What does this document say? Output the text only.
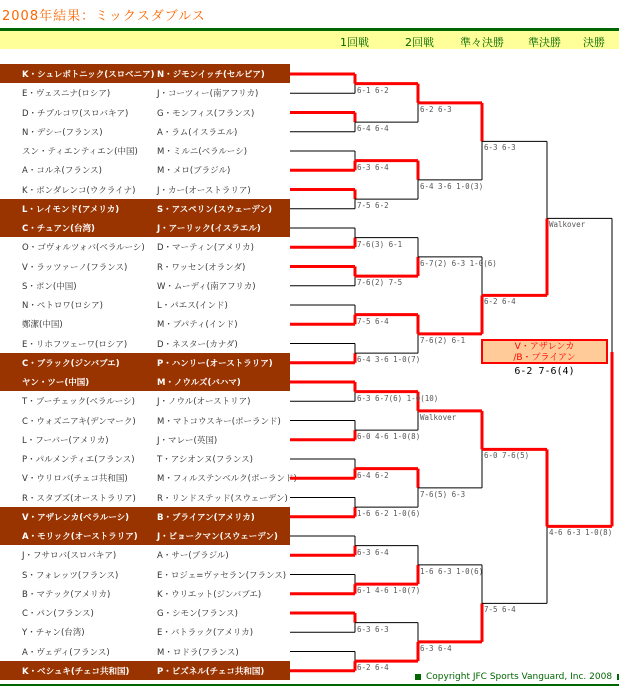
2008年結果：ミックスダブルス
1回戦	2回戦 準々決勝 準決勝 決勝
K・シュレボトニック(スロベニア) N・ジモンイッチ(セルビア)
E・ヴェスニナ(ロシア)	J・コーツィー(南アフリカ)
D・チブルコワ(スロバキア)	G・モンフィス(フランス)
N・デシー(フランス)	A・ラム(イスラエル)
スン・ティエンティエン(中国) M・ミルニ(ベラルーシ)
A・コルネ(フランス)	M・メロ(ブラジル)
K・ボンダレンコ(ウクライナ)	J・カー(オーストラリア)
L・レイモンド(アメリカ)	S・アスペリン(スウェーデン)
C・チュアン(台湾)	J・アーリック(イスラエル)
O・ゴヴォルツォバ(ベラルーシ) D・マーティン(アメリカ)
V・ラッツァーノ(フランス)	R・ワッセン(オランダ)
S・ポン(中国)	W・ムーディ(南アフリカ)
N・ペトロワ(ロシア)	L・パエス(インド)
鄭潔(中国)	M・ブパティ(インド)
E・リホフツェーワ(ロシア)	D・ネスター(カナダ)
C・ブラック(ジンバブエ)	P・ハンリー(オーストラリア)
ヤン・ツー(中国)	M・ノウルズ(バハマ)
T・ブーチェック(ベラルーシ)	J・ノウル(オーストリア)
C・ウォズニアキ(デンマーク)	M・マトコウスキー(ポーランド)
L・フーバー(アメリカ)	J・マレー(英国)
P・パルメンティエ(フランス)	T・アシオンヌ(フランス)
V・ウリロバ(チェコ共和国)	M・フィルステンベルク(ポーランド)
R・スタブズ(オーストラリア) R・リンドステッド(スウェーデン)
V・アザレンカ(ベラルーシ)	B・ブライアン(アメリカ)
A・モリック(オーストラリア) J・ビョークマン(スウェーデン)
J・フサロバ(スロバキア)	A・サー(ブラジル)
S・フォレッツ(フランス)	E・ロジェ=ヴァセラン(フランス)
B・マテック(アメリカ)	K・ウリエット(ジンバブエ)
C・パン(フランス)	G・シモン(フランス)
Y・チャン(台湾)	E・バトラック(アメリカ)
A・ヴェディ(フランス)	M・ロドラ(フランス)
K・ベシュキ(チェコ共和国)	P・ビズネル(チェコ共和国)
6-1 6-2
6-4 6-4
6-3 6-4
7-5 6-2
7-6(3) 6-1
7-6(2) 7-5
7-5 6-4
6-4 3-6 1-0(7)
6-3 6-7(6) 1-0(10)
6-0 4-6 1-0(8)
6-4 6-2
1-6 6-2 1-0(6)
6-3 6-4
6-1 4-6 1-0(7)
6-3 6-3
6-2 6-4
6-2 6-3
6-4 3-6 1-0(3)
6-7(2) 6-3 1-0(6)
7-6(2) 6-1
Walkover
7-6(5) 6-3
1-6 6-3 1-0(6)
6-3 6-4
6-3 6-3
6-2 6-4
6-0 7-6(5)
7-5 6-4
Walkover
4-6 6-3 1-0(8)
V・アザレンカ
/B・ブライアン
6-2 7-6(4)
Copyright JFC Sports Vanguard, Inc. 2008
